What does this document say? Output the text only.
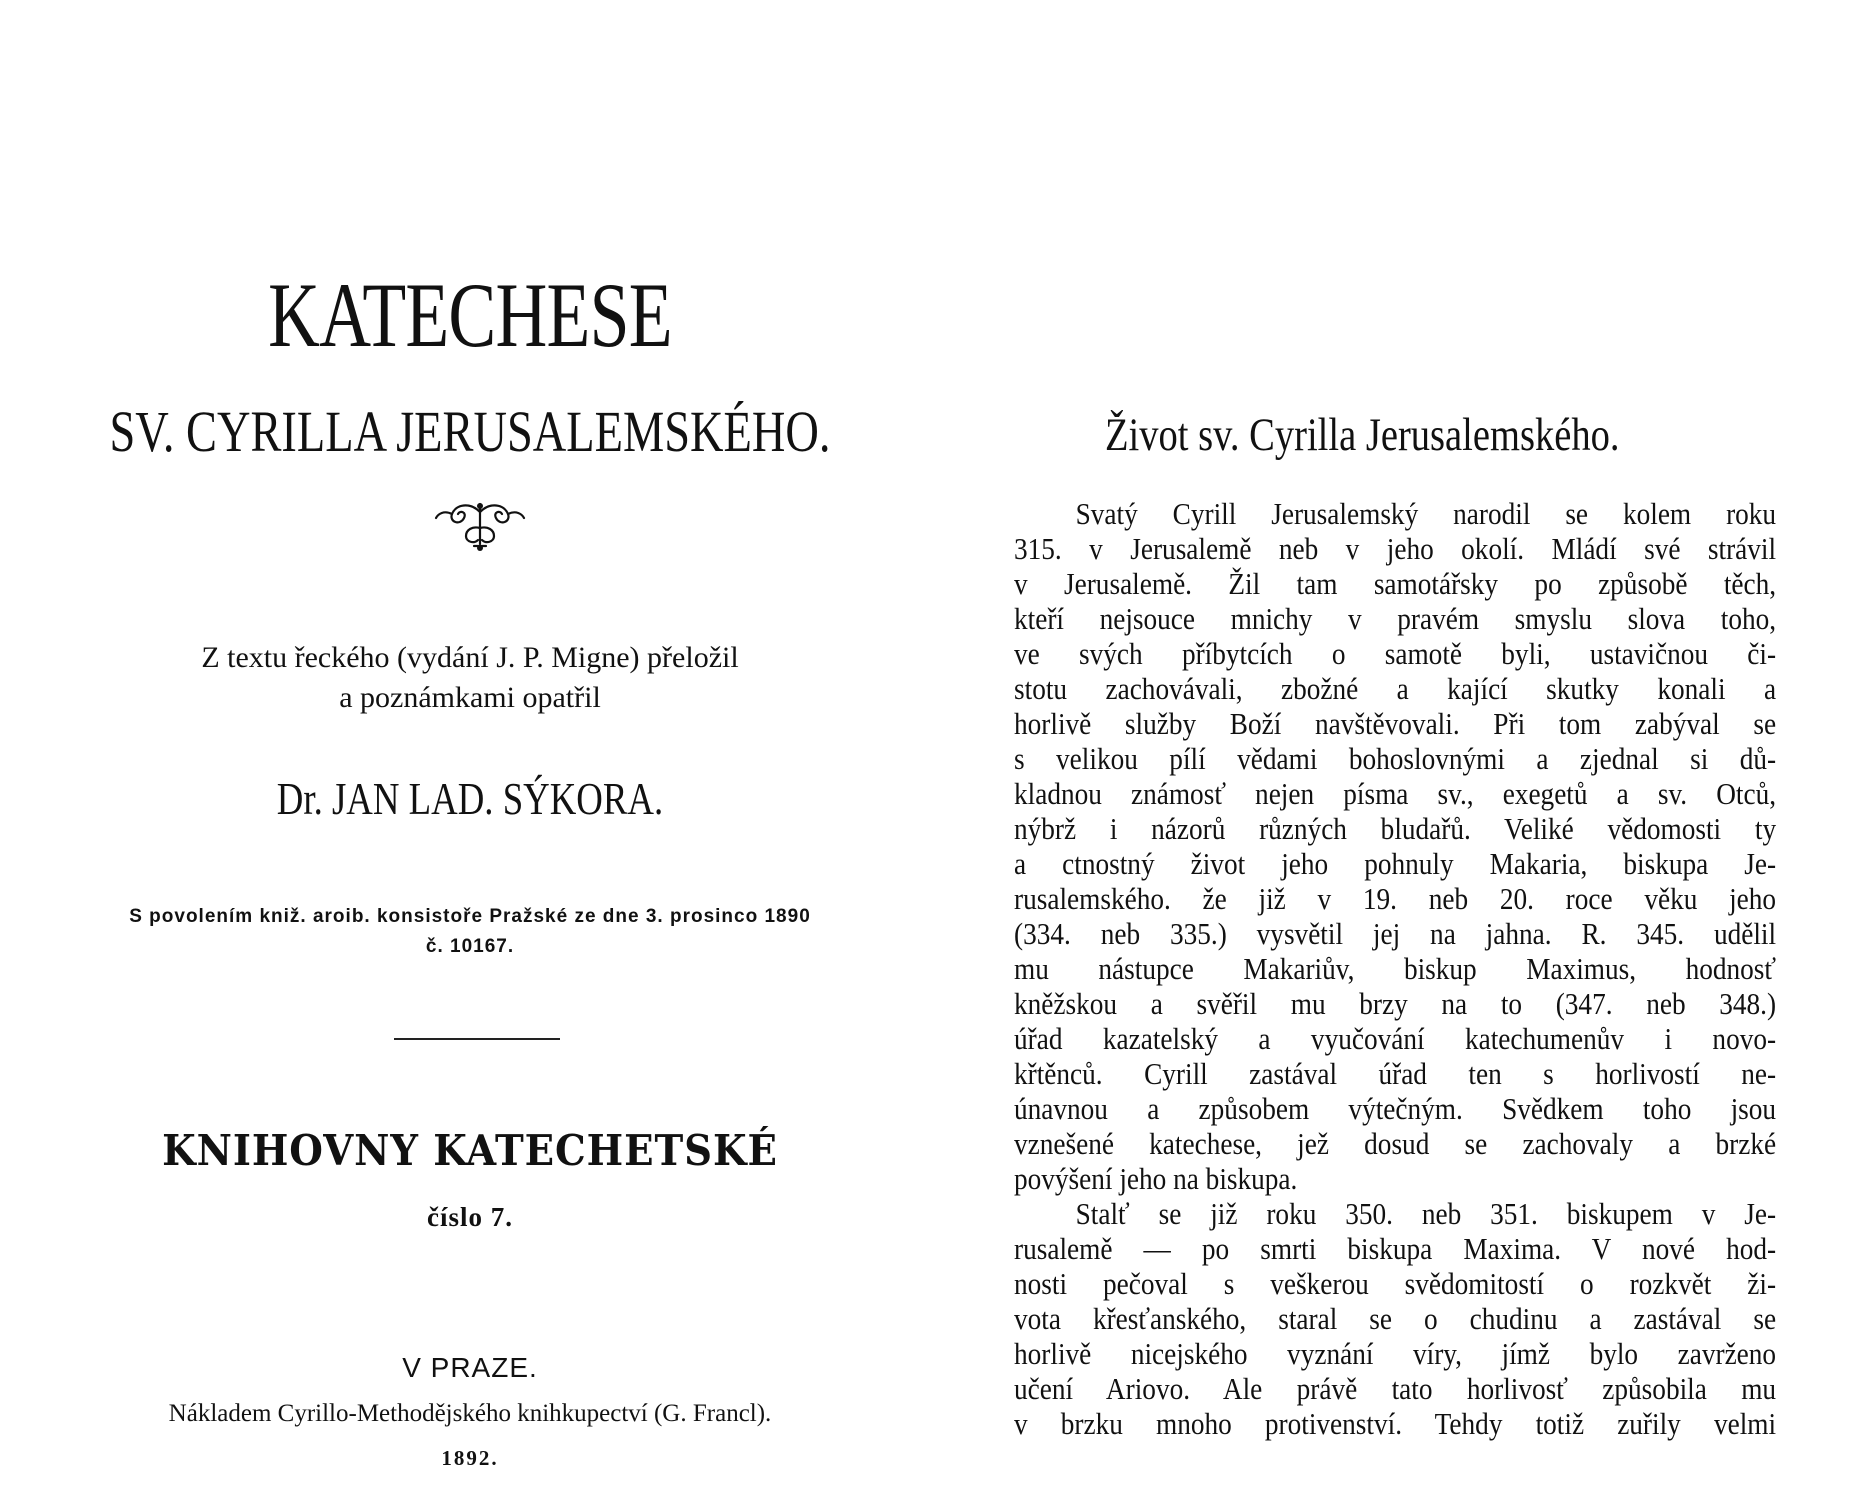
KATECHESE
SV. CYRILLA JERUSALEMSKÉHO.
Z textu řeckého (vydání J. P. Migne) přeložil
a poznámkami opatřil
Dr. JAN LAD. SÝKORA.
S povolením kniž. aroib. konsistoře Pražské ze dne 3. prosinco 1890
č. 10167.
KNIHOVNY KATECHETSKÉ
číslo 7.
V PRAZE.
Nákladem Cyrillo-Methodějského knihkupectví (G. Francl).
1892.
Život sv. Cyrilla Jerusalemského.
Svatý Cyrill Jerusalemský narodil se kolem roku
315. v Jerusalemě neb v jeho okolí. Mládí své strávil
v Jerusalemě. Žil tam samotářsky po způsobě těch,
kteří nejsouce mnichy v pravém smyslu slova toho,
ve svých příbytcích o samotě byli, ustavičnou či-
stotu zachovávali, zbožné a kající skutky konali a
horlivě služby Boží navštěvovali. Při tom zabýval se
s velikou pílí vědami bohoslovnými a zjednal si dů-
kladnou známosť nejen písma sv., exegetů a sv. Otců,
nýbrž i názorů různých bludařů. Veliké vědomosti ty
a ctnostný život jeho pohnuly Makaria, biskupa Je-
rusalemského. že již v 19. neb 20. roce věku jeho
(334. neb 335.) vysvětil jej na jahna. R. 345. udělil
mu nástupce Makariův, biskup Maximus, hodnosť
kněžskou a svěřil mu brzy na to (347. neb 348.)
úřad kazatelský a vyučování katechumenův i novo-
křtěnců. Cyrill zastával úřad ten s horlivostí ne-
únavnou a způsobem výtečným. Svědkem toho jsou
vznešené katechese, jež dosud se zachovaly a brzké
povýšení jeho na biskupa.
Stalť se již roku 350. neb 351. biskupem v Je-
rusalemě — po smrti biskupa Maxima. V nové hod-
nosti pečoval s veškerou svědomitostí o rozkvět ži-
vota křesťanského, staral se o chudinu a zastával se
horlivě nicejského vyznání víry, jímž bylo zavrženo
učení Ariovo. Ale právě tato horlivosť způsobila mu
v brzku mnoho protivenství. Tehdy totiž zuřily velmi
